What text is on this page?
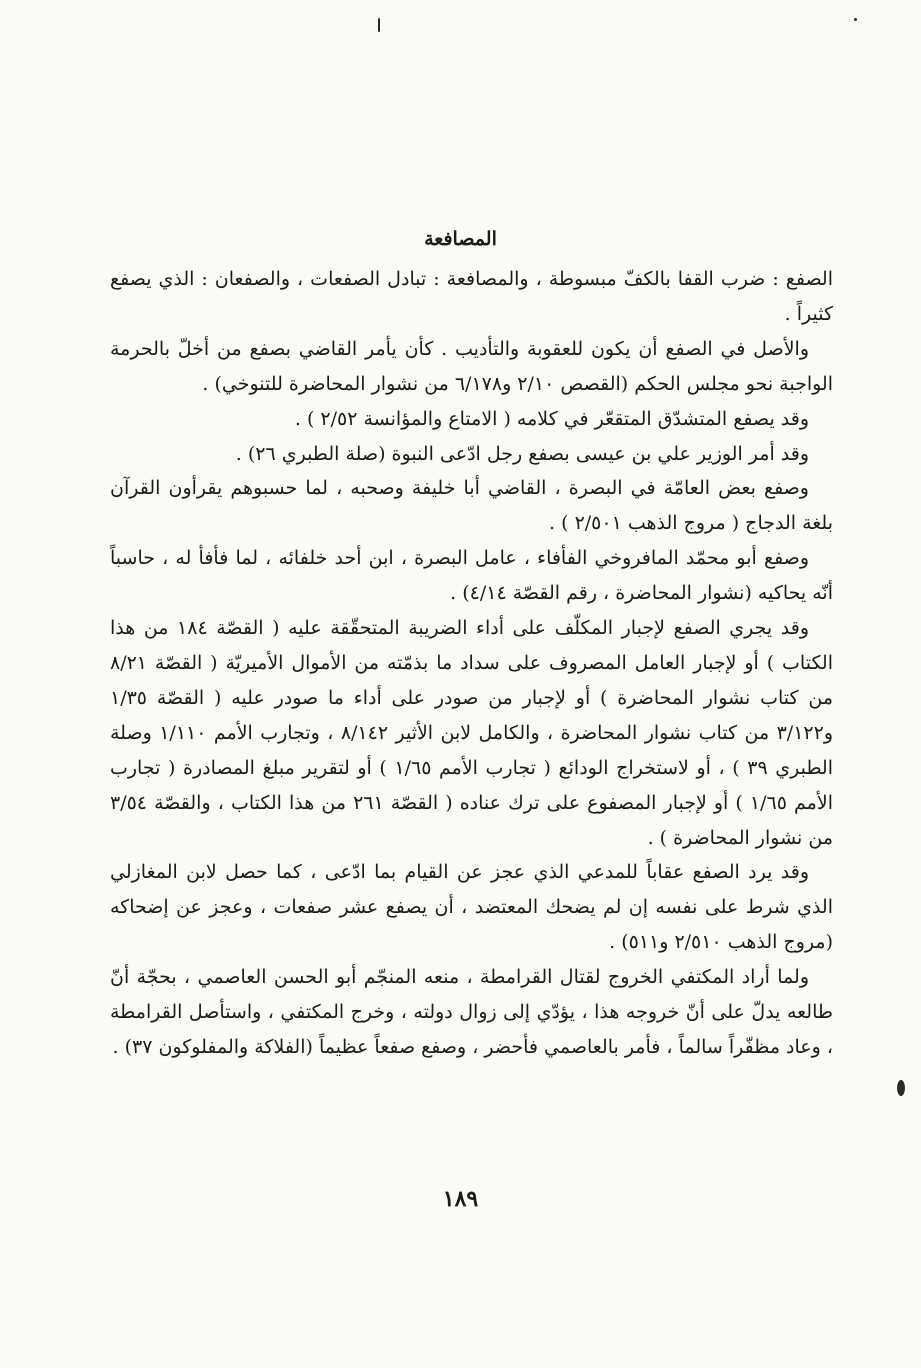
المصافعة

الصفع : ضرب القفا بالكفّ مبسوطة ، والمصافعة : تبادل الصفعات ، والصفعان : الذي يصفع كثيراً .

والأصل في الصفع أن يكون للعقوبة والتأديب . كأن يأمر القاضي بصفع من أخلّ بالحرمة الواجبة نحو مجلس الحكم (القصص ٢/١٠ و٦/١٧٨ من نشوار المحاضرة للتنوخي) .

وقد يصفع المتشدّق المتقعّر في كلامه ( الامتاع والمؤانسة ٢/٥٢ ) .

وقد أمر الوزير علي بن عيسى بصفع رجل ادّعى النبوة (صلة الطبري ٢٦) .

وصفع بعض العامّة في البصرة ، القاضي أبا خليفة وصحبه ، لما حسبوهم يقرأون القرآن بلغة الدجاج ( مروج الذهب ٢/٥٠١ ) .

وصفع أبو محمّد المافروخي الفأفاء ، عامل البصرة ، ابن أحد خلفائه ، لما فأفأ له ، حاسباً أنّه يحاكيه (نشوار المحاضرة ، رقم القصّة ٤/١٤) .

وقد يجري الصفع لإجبار المكلّف على أداء الضريبة المتحقّقة عليه ( القصّة ١٨٤ من هذا الكتاب ) أو لإجبار العامل المصروف على سداد ما بذمّته من الأموال الأميريّة ( القصّة ٨/٢١ من كتاب نشوار المحاضرة ) أو لإجبار من صودر على أداء ما صودر عليه ( القصّة ١/٣٥ و٣/١٢٢ من كتاب نشوار المحاضرة ، والكامل لابن الأثير ٨/١٤٢ ، وتجارب الأمم ١/١١٠ وصلة الطبري ٣٩ ) ، أو لاستخراج الودائع ( تجارب الأمم ١/٦٥ ) أو لتقرير مبلغ المصادرة ( تجارب الأمم ١/٦٥ ) أو لإجبار المصفوع على ترك عناده ( القصّة ٢٦١ من هذا الكتاب ، والقصّة ٣/٥٤ من نشوار المحاضرة ) .

وقد يرد الصفع عقاباً للمدعي الذي عجز عن القيام بما ادّعى ، كما حصل لابن المغازلي الذي شرط على نفسه إن لم يضحك المعتضد ، أن يصفع عشر صفعات ، وعجز عن إضحاكه (مروج الذهب ٢/٥١٠ و٥١١) .

ولما أراد المكتفي الخروج لقتال القرامطة ، منعه المنجّم أبو الحسن العاصمي ، بحجّة أنّ طالعه يدلّ على أنّ خروجه هذا ، يؤدّي إلى زوال دولته ، وخرج المكتفي ، واستأصل القرامطة ، وعاد مظفّراً سالماً ، فأمر بالعاصمي فأحضر ، وصفع صفعاً عظيماً (الفلاكة والمفلوكون ٣٧) .

١٨٩
